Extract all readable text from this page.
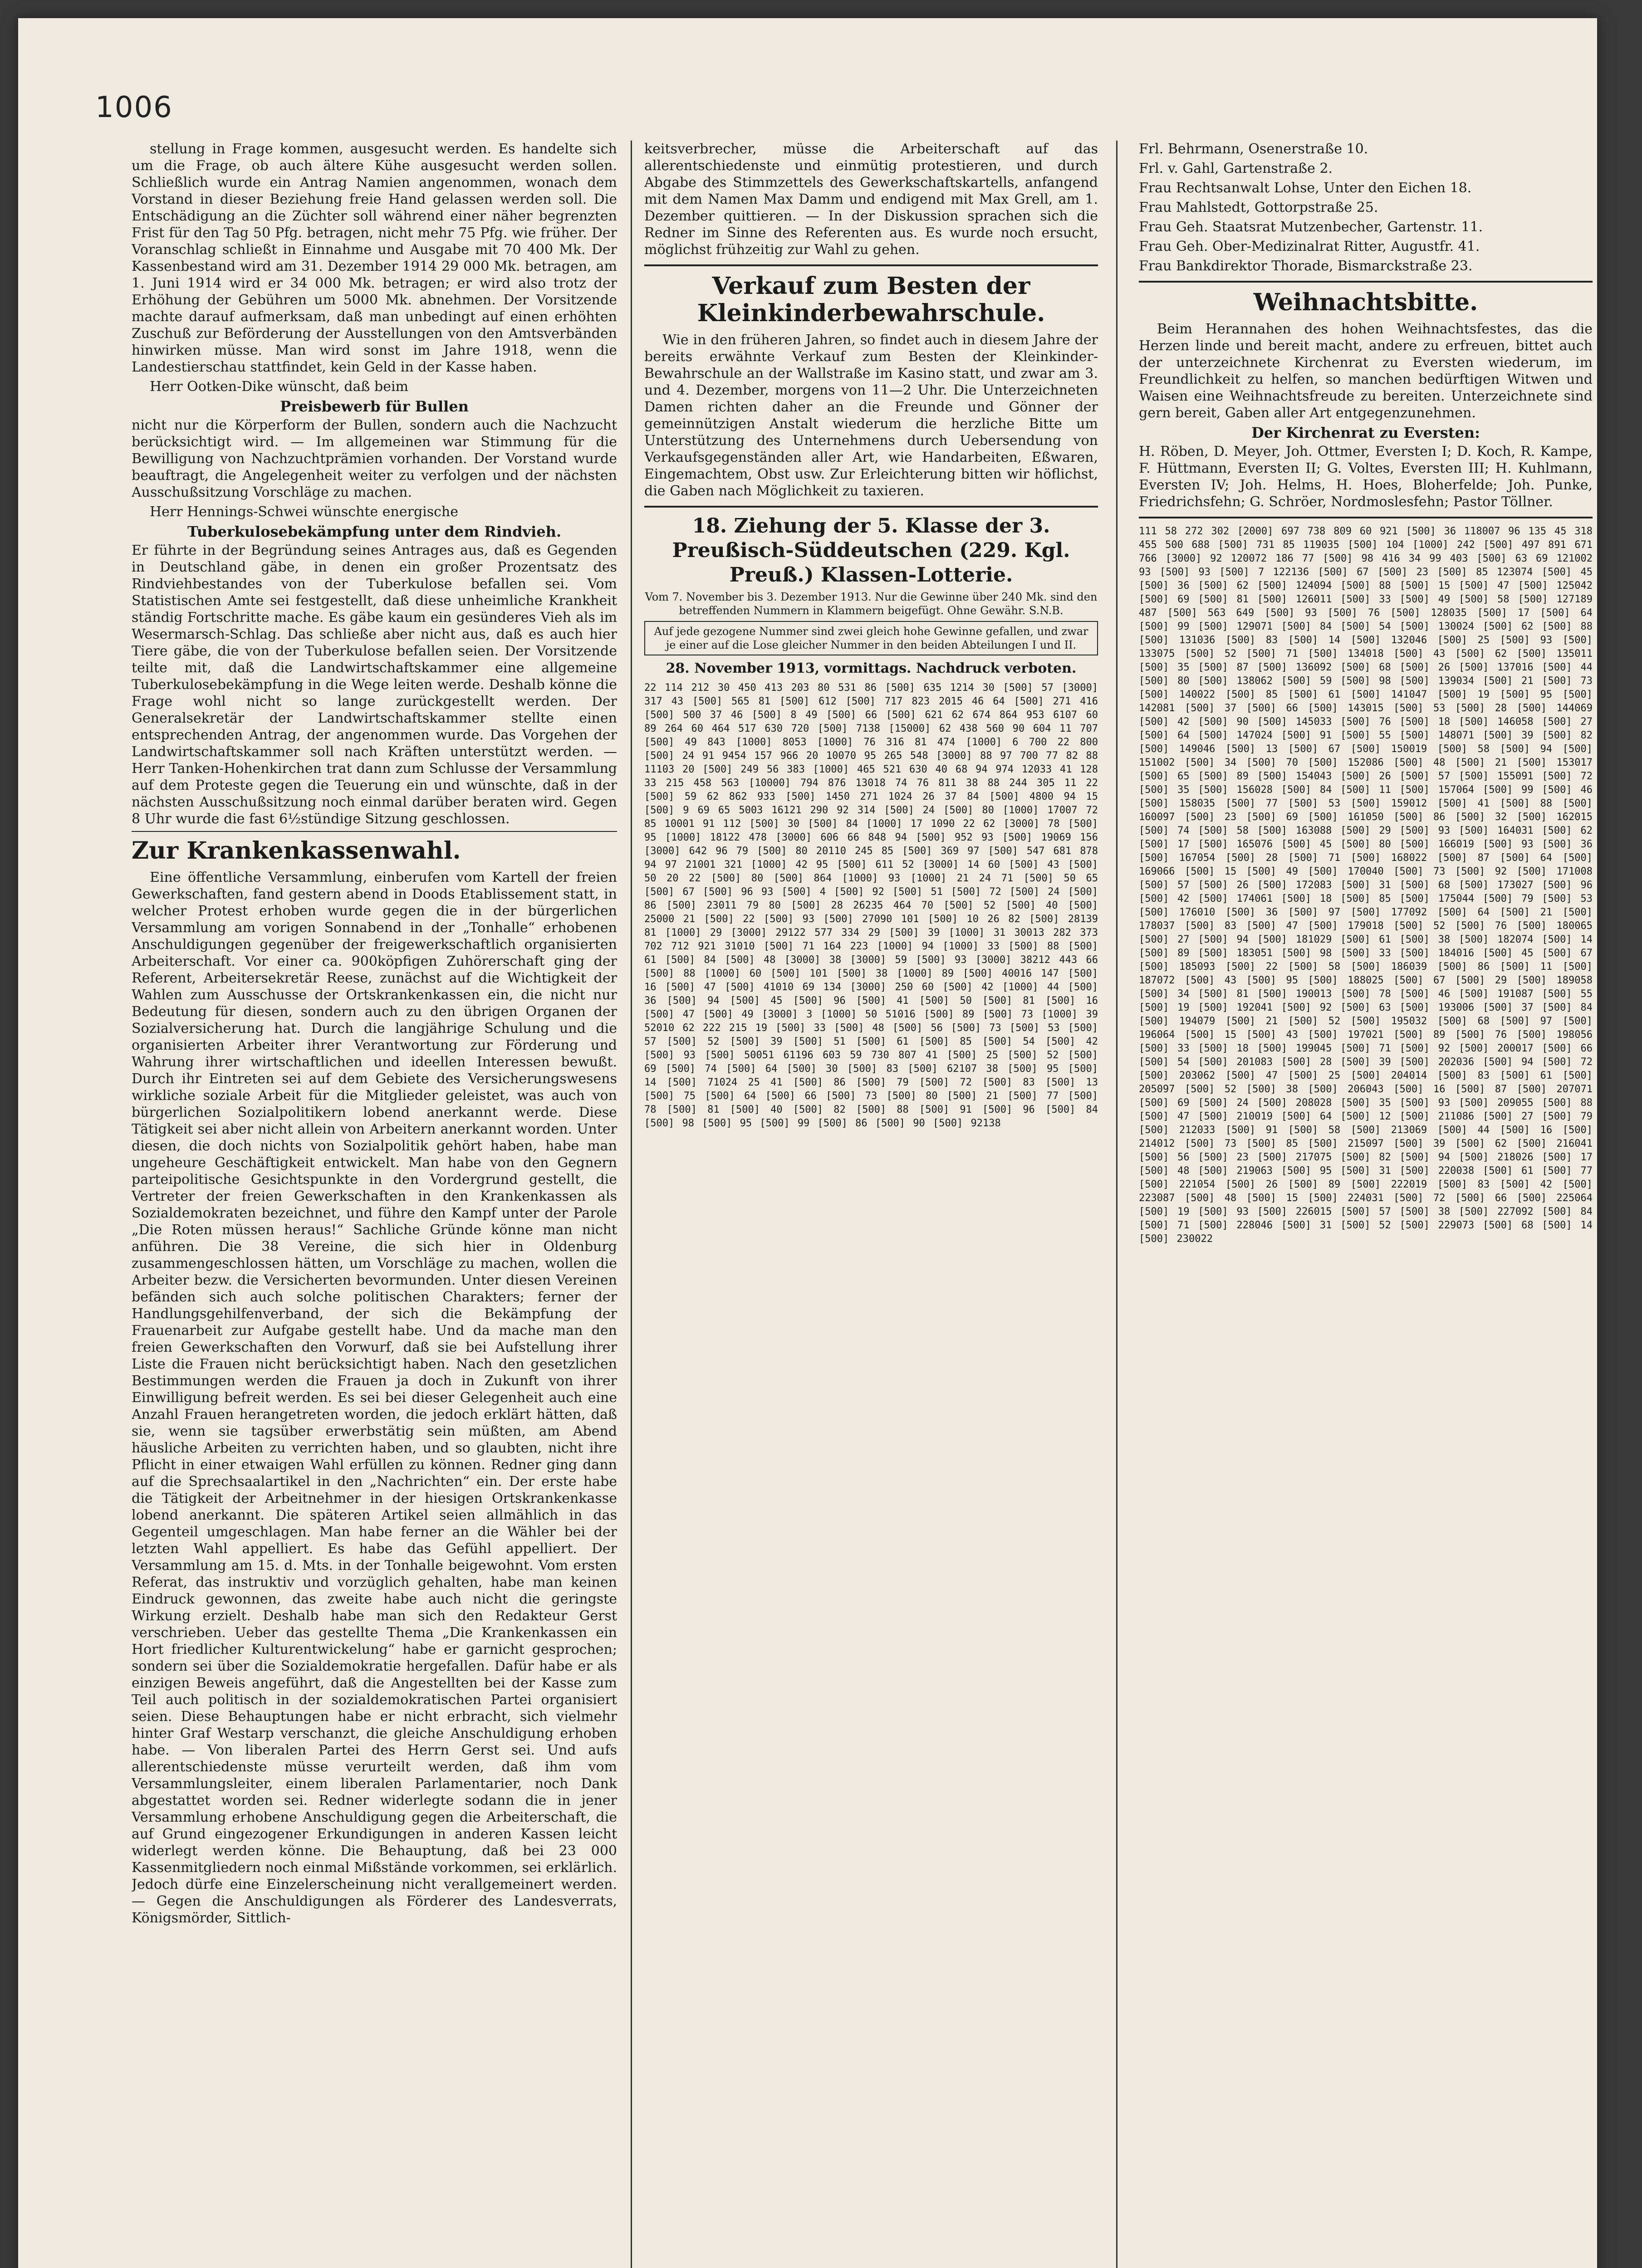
1006

stellung in Frage kommen, ausgesucht werden. Es handelte sich um die Frage, ob auch ältere Kühe ausgesucht werden sollen. Schließlich wurde ein Antrag Namien angenommen, wonach dem Vorstand in dieser Beziehung freie Hand gelassen werden soll. Die Entschädigung an die Züchter soll während einer näher begrenzten Frist für den Tag 50 Pfg. betragen, nicht mehr 75 Pfg. wie früher. Der Voranschlag schließt in Einnahme und Ausgabe mit 70 400 Mk. Der Kassenbestand wird am 31. Dezember 1914 29 000 Mk. betragen, am 1. Juni 1914 wird er 34 000 Mk. betragen; er wird also trotz der Erhöhung der Gebühren um 5000 Mk. abnehmen. Der Vorsitzende machte darauf aufmerksam, daß man unbedingt auf einen erhöhten Zuschuß zur Beförderung der Ausstellungen von den Amtsverbänden hinwirken müsse. Man wird sonst im Jahre 1918, wenn die Landestierschau stattfindet, kein Geld in der Kasse haben.

Herr Ootken-Dike wünscht, daß beim

Preisbewerb für Bullen

nicht nur die Körperform der Bullen, sondern auch die Nachzucht berücksichtigt wird. — Im allgemeinen war Stimmung für die Bewilligung von Nachzuchtprämien vorhanden. Der Vorstand wurde beauftragt, die Angelegenheit weiter zu verfolgen und der nächsten Ausschußsitzung Vorschläge zu machen.

Herr Hennings-Schwei wünschte energische

Tuberkulosebekämpfung unter dem Rindvieh.

Er führte in der Begründung seines Antrages aus, daß es Gegenden in Deutschland gäbe, in denen ein großer Prozentsatz des Rindviehbestandes von der Tuberkulose befallen sei. Vom Statistischen Amte sei festgestellt, daß diese unheimliche Krankheit ständig Fortschritte mache. Es gäbe kaum ein gesünderes Vieh als im Wesermarsch-Schlag. Das schließe aber nicht aus, daß es auch hier Tiere gäbe, die von der Tuberkulose befallen seien. Der Vorsitzende teilte mit, daß die Landwirtschaftskammer eine allgemeine Tuberkulosebekämpfung in die Wege leiten werde. Deshalb könne die Frage wohl nicht so lange zurückgestellt werden. Der Generalsekretär der Landwirtschaftskammer stellte einen entsprechenden Antrag, der angenommen wurde. Das Vorgehen der Landwirtschaftskammer soll nach Kräften unterstützt werden. — Herr Tanken-Hohenkirchen trat dann zum Schlusse der Versammlung auf dem Proteste gegen die Teuerung ein und wünschte, daß in der nächsten Ausschußsitzung noch einmal darüber beraten wird. Gegen 8 Uhr wurde die fast 6½stündige Sitzung geschlossen.

Zur Krankenkassenwahl.

Eine öffentliche Versammlung, einberufen vom Kartell der freien Gewerkschaften, fand gestern abend in Doods Etablissement statt, in welcher Protest erhoben wurde gegen die in der bürgerlichen Versammlung am vorigen Sonnabend in der „Tonhalle“ erhobenen Anschuldigungen gegenüber der freigewerkschaftlich organisierten Arbeiterschaft. Vor einer ca. 900köpfigen Zuhörerschaft ging der Referent, Arbeitersekretär Reese, zunächst auf die Wichtigkeit der Wahlen zum Ausschusse der Ortskrankenkassen ein, die nicht nur Bedeutung für diesen, sondern auch zu den übrigen Organen der Sozialversicherung hat. Durch die langjährige Schulung und die organisierten Arbeiter ihrer Verantwortung zur Förderung und Wahrung ihrer wirtschaftlichen und ideellen Interessen bewußt. Durch ihr Eintreten sei auf dem Gebiete des Versicherungswesens wirkliche soziale Arbeit für die Mitglieder geleistet, was auch von bürgerlichen Sozialpolitikern lobend anerkannt werde. Diese Tätigkeit sei aber nicht allein von Arbeitern anerkannt worden. Unter diesen, die doch nichts von Sozialpolitik gehört haben, habe man ungeheure Geschäftigkeit entwickelt. Man habe von den Gegnern parteipolitische Gesichtspunkte in den Vordergrund gestellt, die Vertreter der freien Gewerkschaften in den Krankenkassen als Sozialdemokraten bezeichnet, und führe den Kampf unter der Parole „Die Roten müssen heraus!“ Sachliche Gründe könne man nicht anführen. Die 38 Vereine, die sich hier in Oldenburg zusammengeschlossen hätten, um Vorschläge zu machen, wollen die Arbeiter bezw. die Versicherten bevormunden. Unter diesen Vereinen befänden sich auch solche politischen Charakters; ferner der Handlungsgehilfenverband, der sich die Bekämpfung der Frauenarbeit zur Aufgabe gestellt habe. Und da mache man den freien Gewerkschaften den Vorwurf, daß sie bei Aufstellung ihrer Liste die Frauen nicht berücksichtigt haben. Nach den gesetzlichen Bestimmungen werden die Frauen ja doch in Zukunft von ihrer Einwilligung befreit werden. Es sei bei dieser Gelegenheit auch eine Anzahl Frauen herangetreten worden, die jedoch erklärt hätten, daß sie, wenn sie tagsüber erwerbstätig sein müßten, am Abend häusliche Arbeiten zu verrichten haben, und so glaubten, nicht ihre Pflicht in einer etwaigen Wahl erfüllen zu können. Redner ging dann auf die Sprechsaalartikel in den „Nachrichten“ ein. Der erste habe die Tätigkeit der Arbeitnehmer in der hiesigen Ortskrankenkasse lobend anerkannt. Die späteren Artikel seien allmählich in das Gegenteil umgeschlagen. Man habe ferner an die Wähler bei der letzten Wahl appelliert. Es habe das Gefühl appelliert. Der Versammlung am 15. d. Mts. in der Tonhalle beigewohnt. Vom ersten Referat, das instruktiv und vorzüglich gehalten, habe man keinen Eindruck gewonnen, das zweite habe auch nicht die geringste Wirkung erzielt. Deshalb habe man sich den Redakteur Gerst verschrieben. Ueber das gestellte Thema „Die Krankenkassen ein Hort friedlicher Kulturentwickelung“ habe er garnicht gesprochen; sondern sei über die Sozialdemokratie hergefallen. Dafür habe er als einzigen Beweis angeführt, daß die Angestellten bei der Kasse zum Teil auch politisch in der sozialdemokratischen Partei organisiert seien. Diese Behauptungen habe er nicht erbracht, sich vielmehr hinter Graf Westarp verschanzt, die gleiche Anschuldigung erhoben habe. — Von liberalen Partei des Herrn Gerst sei. Und aufs allerentschiedenste müsse verurteilt werden, daß ihm vom Versammlungsleiter, einem liberalen Parlamentarier, noch Dank abgestattet worden sei. Redner widerlegte sodann die in jener Versammlung erhobene Anschuldigung gegen die Arbeiterschaft, die auf Grund eingezogener Erkundigungen in anderen Kassen leicht widerlegt werden könne. Die Behauptung, daß bei 23 000 Kassenmitgliedern noch einmal Mißstände vorkommen, sei erklärlich. Jedoch dürfe eine Einzelerscheinung nicht verallgemeinert werden. — Gegen die Anschuldigungen als Förderer des Landesverrats, Königsmörder, Sittlich-

keitsverbrecher, müsse die Arbeiterschaft auf das allerentschiedenste und einmütig protestieren, und durch Abgabe des Stimmzettels des Gewerkschaftskartells, anfangend mit dem Namen Max Damm und endigend mit Max Grell, am 1. Dezember quittieren. — In der Diskussion sprachen sich die Redner im Sinne des Referenten aus. Es wurde noch ersucht, möglichst frühzeitig zur Wahl zu gehen.

Verkauf zum Besten der Kleinkinderbewahrschule.

Wie in den früheren Jahren, so findet auch in diesem Jahre der bereits erwähnte Verkauf zum Besten der Kleinkinder-Bewahrschule an der Wallstraße im Kasino statt, und zwar am 3. und 4. Dezember, morgens von 11—2 Uhr. Die Unterzeichneten Damen richten daher an die Freunde und Gönner der gemeinnützigen Anstalt wiederum die herzliche Bitte um Unterstützung des Unternehmens durch Uebersendung von Verkaufsgegenständen aller Art, wie Handarbeiten, Eßwaren, Eingemachtem, Obst usw. Zur Erleichterung bitten wir höflichst, die Gaben nach Möglichkeit zu taxieren.

18. Ziehung der 5. Klasse der 3. Preußisch-Süddeutschen (229. Kgl. Preuß.) Klassen-Lotterie.
Vom 7. November bis 3. Dezember 1913. Nur die Gewinne über 240 Mk. sind den betreffenden Nummern in Klammern beigefügt. Ohne Gewähr. S.N.B.
Auf jede gezogene Nummer sind zwei gleich hohe Gewinne gefallen, und zwar je einer auf die Lose gleicher Nummer in den beiden Abteilungen I und II.
28. November 1913, vormittags. Nachdruck verboten.
22 114 212 30 450 413 203 80 531 86 [500] 635 1214 30 [500] 57 [3000] 317 43 [500] 565 81 [500] 612 [500] 717 823 2015 46 64 [500] 271 416 [500] 500 37 46 [500] 8 49 [500] 66 [500] 621 62 674 864 953 6107 60 89 264 60 464 517 630 720 [500] 7138 [15000] 62 438 560 90 604 11 707 [500] 49 843 [1000] 8053 [1000] 76 316 81 474 [1000] 6 700 22 800 [500] 24 91 9454 157 966 20 10070 95 265 548 [3000] 88 97 700 77 82 88 11103 20 [500] 249 56 383 [1000] 465 521 630 40 68 94 974 12033 41 128 33 215 458 563 [10000] 794 876 13018 74 76 811 38 88 244 305 11 22 [500] 59 62 862 933 [500] 1450 271 1024 26 37 84 [500] 4800 94 15 [500] 9 69 65 5003 16121 290 92 314 [500] 24 [500] 80 [1000] 17007 72 85 10001 91 112 [500] 30 [500] 84 [1000] 17 1090 22 62 [3000] 78 [500] 95 [1000] 18122 478 [3000] 606 66 848 94 [500] 952 93 [500] 19069 156 [3000] 642 96 79 [500] 80 20110 245 85 [500] 369 97 [500] 547 681 878 94 97 21001 321 [1000] 42 95 [500] 611 52 [3000] 14 60 [500] 43 [500] 50 20 22 [500] 80 [500] 864 [1000] 93 [1000] 21 24 71 [500] 50 65 [500] 67 [500] 96 93 [500] 4 [500] 92 [500] 51 [500] 72 [500] 24 [500] 86 [500] 23011 79 80 [500] 28 26235 464 70 [500] 52 [500] 40 [500] 25000 21 [500] 22 [500] 93 [500] 27090 101 [500] 10 26 82 [500] 28139 81 [1000] 29 [3000] 29122 577 334 29 [500] 39 [1000] 31 30013 282 373 702 712 921 31010 [500] 71 164 223 [1000] 94 [1000] 33 [500] 88 [500] 61 [500] 84 [500] 48 [3000] 38 [3000] 59 [500] 93 [3000] 38212 443 66 [500] 88 [1000] 60 [500] 101 [500] 38 [1000] 89 [500] 40016 147 [500] 16 [500] 47 [500] 41010 69 134 [3000] 250 60 [500] 42 [1000] 44 [500] 36 [500] 94 [500] 45 [500] 96 [500] 41 [500] 50 [500] 81 [500] 16 [500] 47 [500] 49 [3000] 3 [1000] 50 51016 [500] 89 [500] 73 [1000] 39 52010 62 222 215 19 [500] 33 [500] 48 [500] 56 [500] 73 [500] 53 [500] 57 [500] 52 [500] 39 [500] 51 [500] 61 [500] 85 [500] 54 [500] 42 [500] 93 [500] 50051 61196 603 59 730 807 41 [500] 25 [500] 52 [500] 69 [500] 74 [500] 64 [500] 30 [500] 83 [500] 62107 38 [500] 95 [500] 14 [500] 71024 25 41 [500] 86 [500] 79 [500] 72 [500] 83 [500] 13 [500] 75 [500] 64 [500] 66 [500] 73 [500] 80 [500] 21 [500] 77 [500] 78 [500] 81 [500] 40 [500] 82 [500] 88 [500] 91 [500] 96 [500] 84 [500] 98 [500] 95 [500] 99 [500] 86 [500] 90 [500] 92138

Frl. Behrmann, Osenerstraße 10.

Frl. v. Gahl, Gartenstraße 2.

Frau Rechtsanwalt Lohse, Unter den Eichen 18.

Frau Mahlstedt, Gottorpstraße 25.

Frau Geh. Staatsrat Mutzenbecher, Gartenstr. 11.

Frau Geh. Ober-Medizinalrat Ritter, Augustfr. 41.

Frau Bankdirektor Thorade, Bismarckstraße 23.

Weihnachtsbitte.

Beim Herannahen des hohen Weihnachtsfestes, das die Herzen linde und bereit macht, andere zu erfreuen, bittet auch der unterzeichnete Kirchenrat zu Eversten wiederum, im Freundlichkeit zu helfen, so manchen bedürftigen Witwen und Waisen eine Weihnachtsfreude zu bereiten. Unterzeichnete sind gern bereit, Gaben aller Art entgegenzunehmen.

Der Kirchenrat zu Eversten:

H. Röben, D. Meyer, Joh. Ottmer, Eversten I; D. Koch, R. Kampe, F. Hüttmann, Eversten II; G. Voltes, Eversten III; H. Kuhlmann, Eversten IV; Joh. Helms, H. Hoes, Bloherfelde; Joh. Punke, Friedrichsfehn; G. Schröer, Nordmoslesfehn; Pastor Töllner.

111 58 272 302 [2000] 697 738 809 60 921 [500] 36 118007 96 135 45 318 455 500 688 [500] 731 85 119035 [500] 104 [1000] 242 [500] 497 891 671 766 [3000] 92 120072 186 77 [500] 98 416 34 99 403 [500] 63 69 121002 93 [500] 93 [500] 7 122136 [500] 67 [500] 23 [500] 85 123074 [500] 45 [500] 36 [500] 62 [500] 124094 [500] 88 [500] 15 [500] 47 [500] 125042 [500] 69 [500] 81 [500] 126011 [500] 33 [500] 49 [500] 58 [500] 127189 487 [500] 563 649 [500] 93 [500] 76 [500] 128035 [500] 17 [500] 64 [500] 99 [500] 129071 [500] 84 [500] 54 [500] 130024 [500] 62 [500] 88 [500] 131036 [500] 83 [500] 14 [500] 132046 [500] 25 [500] 93 [500] 133075 [500] 52 [500] 71 [500] 134018 [500] 43 [500] 62 [500] 135011 [500] 35 [500] 87 [500] 136092 [500] 68 [500] 26 [500] 137016 [500] 44 [500] 80 [500] 138062 [500] 59 [500] 98 [500] 139034 [500] 21 [500] 73 [500] 140022 [500] 85 [500] 61 [500] 141047 [500] 19 [500] 95 [500] 142081 [500] 37 [500] 66 [500] 143015 [500] 53 [500] 28 [500] 144069 [500] 42 [500] 90 [500] 145033 [500] 76 [500] 18 [500] 146058 [500] 27 [500] 64 [500] 147024 [500] 91 [500] 55 [500] 148071 [500] 39 [500] 82 [500] 149046 [500] 13 [500] 67 [500] 150019 [500] 58 [500] 94 [500] 151002 [500] 34 [500] 70 [500] 152086 [500] 48 [500] 21 [500] 153017 [500] 65 [500] 89 [500] 154043 [500] 26 [500] 57 [500] 155091 [500] 72 [500] 35 [500] 156028 [500] 84 [500] 11 [500] 157064 [500] 99 [500] 46 [500] 158035 [500] 77 [500] 53 [500] 159012 [500] 41 [500] 88 [500] 160097 [500] 23 [500] 69 [500] 161050 [500] 86 [500] 32 [500] 162015 [500] 74 [500] 58 [500] 163088 [500] 29 [500] 93 [500] 164031 [500] 62 [500] 17 [500] 165076 [500] 45 [500] 80 [500] 166019 [500] 93 [500] 36 [500] 167054 [500] 28 [500] 71 [500] 168022 [500] 87 [500] 64 [500] 169066 [500] 15 [500] 49 [500] 170040 [500] 73 [500] 92 [500] 171008 [500] 57 [500] 26 [500] 172083 [500] 31 [500] 68 [500] 173027 [500] 96 [500] 42 [500] 174061 [500] 18 [500] 85 [500] 175044 [500] 79 [500] 53 [500] 176010 [500] 36 [500] 97 [500] 177092 [500] 64 [500] 21 [500] 178037 [500] 83 [500] 47 [500] 179018 [500] 52 [500] 76 [500] 180065 [500] 27 [500] 94 [500] 181029 [500] 61 [500] 38 [500] 182074 [500] 14 [500] 89 [500] 183051 [500] 98 [500] 33 [500] 184016 [500] 45 [500] 67 [500] 185093 [500] 22 [500] 58 [500] 186039 [500] 86 [500] 11 [500] 187072 [500] 43 [500] 95 [500] 188025 [500] 67 [500] 29 [500] 189058 [500] 34 [500] 81 [500] 190013 [500] 78 [500] 46 [500] 191087 [500] 55 [500] 19 [500] 192041 [500] 92 [500] 63 [500] 193006 [500] 37 [500] 84 [500] 194079 [500] 21 [500] 52 [500] 195032 [500] 68 [500] 97 [500] 196064 [500] 15 [500] 43 [500] 197021 [500] 89 [500] 76 [500] 198056 [500] 33 [500] 18 [500] 199045 [500] 71 [500] 92 [500] 200017 [500] 66 [500] 54 [500] 201083 [500] 28 [500] 39 [500] 202036 [500] 94 [500] 72 [500] 203062 [500] 47 [500] 25 [500] 204014 [500] 83 [500] 61 [500] 205097 [500] 52 [500] 38 [500] 206043 [500] 16 [500] 87 [500] 207071 [500] 69 [500] 24 [500] 208028 [500] 35 [500] 93 [500] 209055 [500] 88 [500] 47 [500] 210019 [500] 64 [500] 12 [500] 211086 [500] 27 [500] 79 [500] 212033 [500] 91 [500] 58 [500] 213069 [500] 44 [500] 16 [500] 214012 [500] 73 [500] 85 [500] 215097 [500] 39 [500] 62 [500] 216041 [500] 56 [500] 23 [500] 217075 [500] 82 [500] 94 [500] 218026 [500] 17 [500] 48 [500] 219063 [500] 95 [500] 31 [500] 220038 [500] 61 [500] 77 [500] 221054 [500] 26 [500] 89 [500] 222019 [500] 83 [500] 42 [500] 223087 [500] 48 [500] 15 [500] 224031 [500] 72 [500] 66 [500] 225064 [500] 19 [500] 93 [500] 226015 [500] 57 [500] 38 [500] 227092 [500] 84 [500] 71 [500] 228046 [500] 31 [500] 52 [500] 229073 [500] 68 [500] 14 [500] 230022
